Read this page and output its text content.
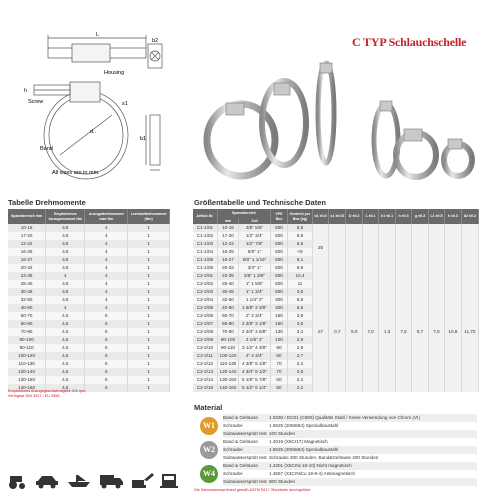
C TYP Schlauchschelle
L
b2
Housing
h
Screw
d..
s1
b1
Band
All sizes are in mm.
Tabelle Drehmomente	Größentabelle und Technische Daten
Spannbereich mm	Empfohlenes Anzugsmoment Nm	Anzugsdrehmoment max Nm	Leerlaufdrehmoment (Nm)
10-16	3,5	4	1
17-20	3,5	4	1
12-22	3,5	4	1
16-25	3,5	4	1
16-27	3,5	4	1
20-32	3,5	4	1
23-35	4	4	1
25-40	3,5	4	1
30-45	3,5	4	1
32-50	3,5	4	1
40-60	4	4	1
50-70	4,5	5	1
60-80	4,5	5	1
70-90	4,5	5	1
80-100	4,5	5	1
90-110	4,5	5	1
100-120	4,5	5	1
110-130	4,5	5	1
120-140	4,5	5	1
130-150	4,5	5	1
140-160	4,5	5	1
Empfohlenes Anzugsgeschwindigkeit 300 rpm.
Verfügbar DIN 3017 / EU 3968
Artikel-Nr.	Spannbereich		VPE Box	Gewicht per Box (kg)	b1 ±0.5	s1 ±0.03	D ±0.2	L ±0.1	h1 ±0.1	h ±0.3	g ±0.3	L1 ±0.5	k ±0.3	b2 ±0.3
	mm	Zoll												
C1-1/01	10-16	3/8" 5/8"	600	8,5	25									
C1-1/02	17-20	1/2" 3/4"	600	8,8										
C1-1/03	12-22	1/2" 7/8"	600	8,6										
C1-1/04	16-25	5/8" 1"	600	<9										
C1-1/05	16-27	5/8" 1 1/16"	600	9,1										
C1-1/06	20-32	3/4" 1"	600	9,9										
C2-2/01	23-35	3/8" 1 3/8"	600	10,4	27	0,7	9,0	7,0	1,3	7,5	9,7	7,5	10,8	11,70
C2-2/02	25-40	1" 1 5/8"	600	11										
C2-2/03	30-45	1" 1 3/4"	600	3,5										
C2-2/04	32-50	1 1/4" 2"	300	5,8										
C2-2/05	40-60	1 5/8" 2 3/8"	300	6,5										
C2-2/06	50-70	2" 2 3/4"	160	3,9										
C2-2/07	60-80	2 3/8" 3 1/8"	160	3,5										
C2-2/08	70-90	2 3/4" 3 5/8"	130	3,4										
C2-2/09	80-100	3 1/8" 4"	100	2,9										
C2-2/10	90-110	3 1/2" 4 3/8"	90	2,9										
C2-2/11	100-120	4" 4 3/4"	80	2,7										
C2-2/12	110-130	4 3/8" 5 1/8"	70	2,4										
C2-2/13	120-140	4 3/4" 5 1/2"	70	2,6										
C2-2/14	130-150	5 1/8" 5 7/8"	60	2,4										
C2-2/15	140-160	5 1/2" 6 1/4"	50	2,2										
Material
W1
W2
W4
Band & Gehäuse	1.0330 / DC01 (C590) Qualitäts Stahl / Keine Verwendung von Chrom (VI)
Schraube	1.5525 (20MnB4) Spezialbaustahl
Salzwassersprüh test 100 Stunden
Band & Gehäuse	1.4016 (X6Cr17) Magnetisch
Schraube	1.5525 (20MnB4) Spezialbaustahl
Salzwassersprüh test Schraube 200 Stunden, Band&Gehäuse 400 Stunden
Band & Gehäuse	1.4301 (X5CrNi 18-10) Nicht magnetisch
Schraube	1.4567 (X3CrNiCu 18-9-4) Antimagnetisch
Salzwassersprüh test 800 Stunden
Die Salzwassersprühtest gemäß ASTM B117 Standards durchgeführt
